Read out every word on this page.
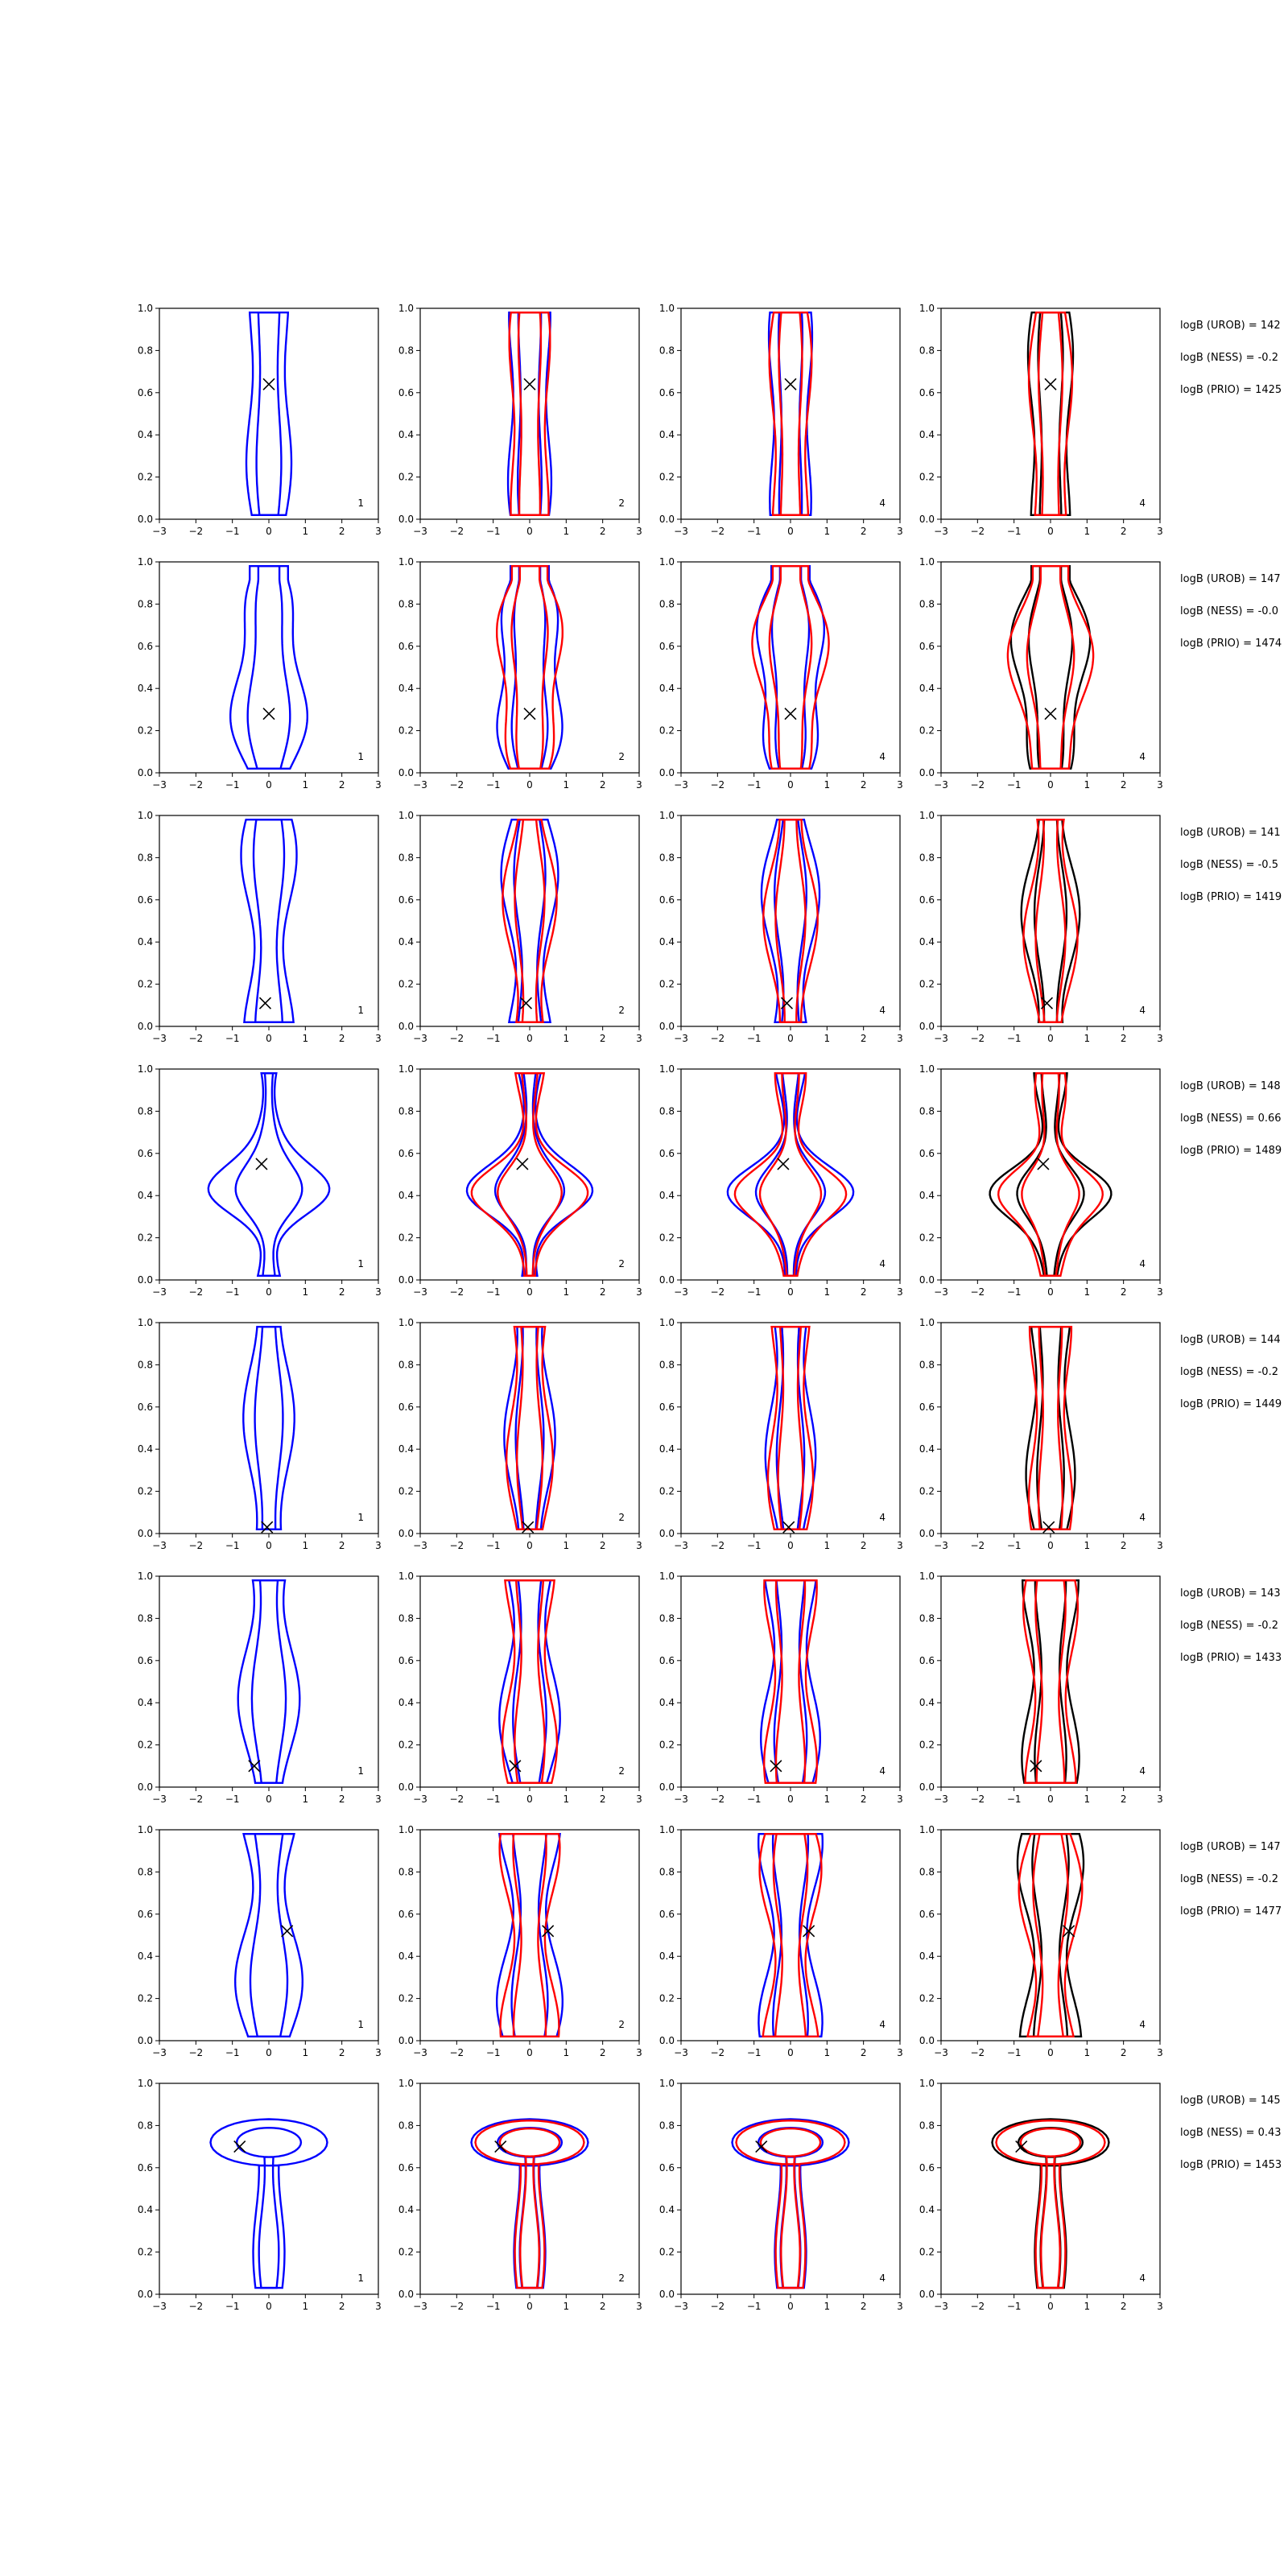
−3 −2 −1	0	1	2	3
0.0
0.2
0.4
0.6
0.8
1.0
1
−3 −2 −1	0	1	2	3
0.0
0.2
0.4
0.6
0.8
1.0
2
−3 −2 −1	0	1	2	3
0.0
0.2
0.4
0.6
0.8
1.0
4
−3 −2 −1	0	1	2	3
0.0
0.2
0.4
0.6
0.8
1.0
4
logB (UROB) = 142
logB (NESS) = -0.2
logB (PRIO) = 1425
−3 −2 −1	0	1	2	3
0.0
0.2
0.4
0.6
0.8
1.0
1
−3 −2 −1	0	1	2	3
0.0
0.2
0.4
0.6
0.8
1.0
2
−3 −2 −1	0	1	2	3
0.0
0.2
0.4
0.6
0.8
1.0
4
−3 −2 −1	0	1	2	3
0.0
0.2
0.4
0.6
0.8
1.0
4
logB (UROB) = 147
logB (NESS) = -0.0
logB (PRIO) = 1474
−3 −2 −1	0	1	2	3
0.0
0.2
0.4
0.6
0.8
1.0
1
−3 −2 −1	0	1	2	3
0.0
0.2
0.4
0.6
0.8
1.0
2
−3 −2 −1	0	1	2	3
0.0
0.2
0.4
0.6
0.8
1.0
4
−3 −2 −1	0	1	2	3
0.0
0.2
0.4
0.6
0.8
1.0
4
logB (UROB) = 141
logB (NESS) = -0.5
logB (PRIO) = 1419
−3 −2 −1	0	1	2	3
0.0
0.2
0.4
0.6
0.8
1.0
1
−3 −2 −1	0	1	2	3
0.0
0.2
0.4
0.6
0.8
1.0
2
−3 −2 −1	0	1	2	3
0.0
0.2
0.4
0.6
0.8
1.0
4
−3 −2 −1	0	1	2	3
0.0
0.2
0.4
0.6
0.8
1.0
4
logB (UROB) = 148
logB (NESS) = 0.66
logB (PRIO) = 1489
−3 −2 −1	0	1	2	3
0.0
0.2
0.4
0.6
0.8
1.0
1
−3 −2 −1	0	1	2	3
0.0
0.2
0.4
0.6
0.8
1.0
2
−3 −2 −1	0	1	2	3
0.0
0.2
0.4
0.6
0.8
1.0
4
−3 −2 −1	0	1	2	3
0.0
0.2
0.4
0.6
0.8
1.0
4
logB (UROB) = 144
logB (NESS) = -0.2
logB (PRIO) = 1449
−3 −2 −1	0	1	2	3
0.0
0.2
0.4
0.6
0.8
1.0
1
−3 −2 −1	0	1	2	3
0.0
0.2
0.4
0.6
0.8
1.0
2
−3 −2 −1	0	1	2	3
0.0
0.2
0.4
0.6
0.8
1.0
4
−3 −2 −1	0	1	2	3
0.0
0.2
0.4
0.6
0.8
1.0
4
logB (UROB) = 143
logB (NESS) = -0.2
logB (PRIO) = 1433
−3 −2 −1	0	1	2	3
0.0
0.2
0.4
0.6
0.8
1.0
1
−3 −2 −1	0	1	2	3
0.0
0.2
0.4
0.6
0.8
1.0
2
−3 −2 −1	0	1	2	3
0.0
0.2
0.4
0.6
0.8
1.0
4
−3 −2 −1	0	1	2	3
0.0
0.2
0.4
0.6
0.8
1.0
4
logB (UROB) = 147
logB (NESS) = -0.2
logB (PRIO) = 1477
−3 −2 −1	0	1	2	3
0.0
0.2
0.4
0.6
0.8
1.0
1
−3 −2 −1	0	1	2	3
0.0
0.2
0.4
0.6
0.8
1.0
2
−3 −2 −1	0	1	2	3
0.0
0.2
0.4
0.6
0.8
1.0
4
−3 −2 −1	0	1	2	3
0.0
0.2
0.4
0.6
0.8
1.0
4
logB (UROB) = 145
logB (NESS) = 0.43
logB (PRIO) = 1453
